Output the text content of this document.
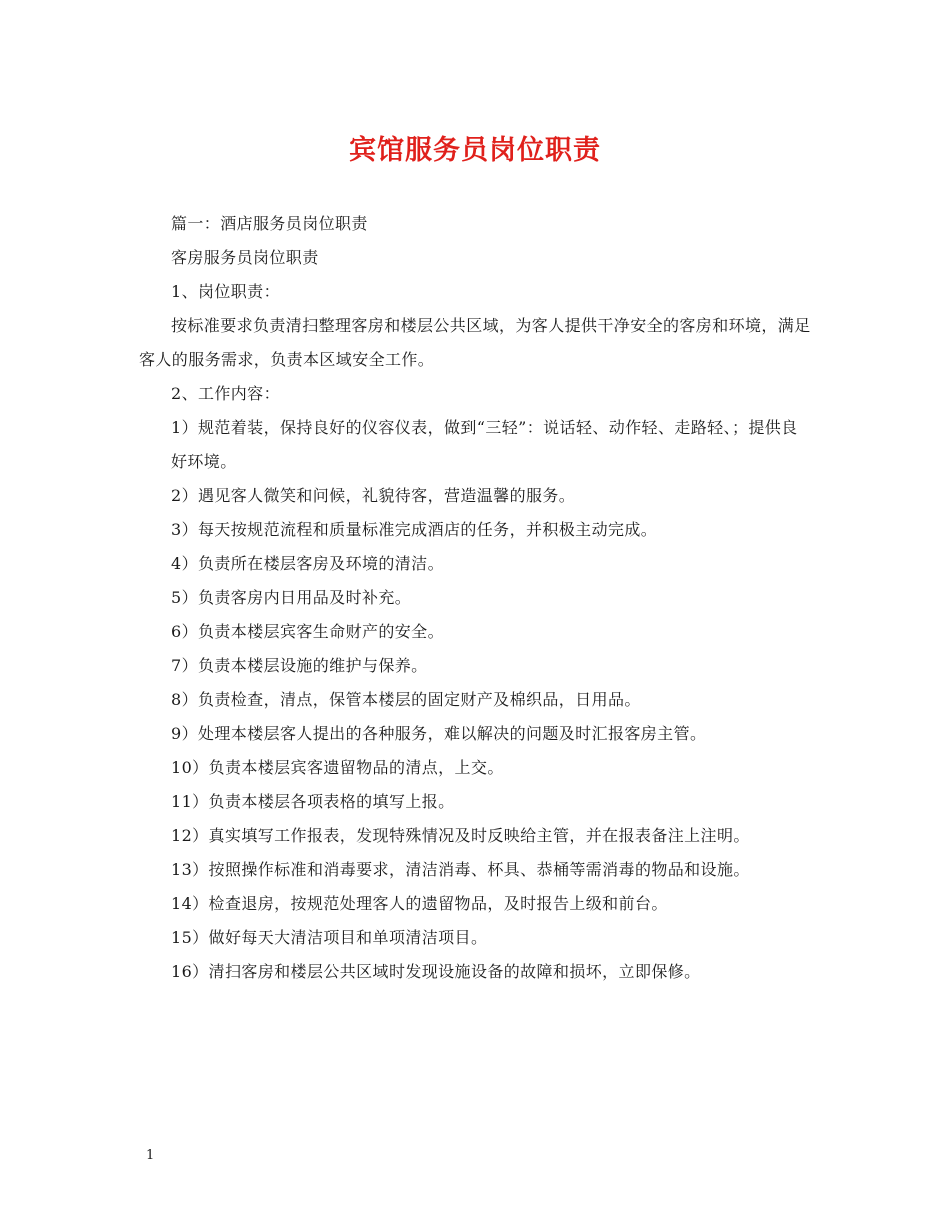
宾馆服务员岗位职责

篇一：酒店服务员岗位职责

客房服务员岗位职责

1、岗位职责：

按标准要求负责清扫整理客房和楼层公共区域，为客人提供干净安全的客房和环境，满足客人的服务需求，负责本区域安全工作。

2、工作内容：

1）规范着装，保持良好的仪容仪表，做到“三轻”：说话轻、动作轻、走路轻、；提供良

好环境。

2）遇见客人微笑和问候，礼貌待客，营造温馨的服务。

3）每天按规范流程和质量标准完成酒店的任务，并积极主动完成。

4）负责所在楼层客房及环境的清洁。

5）负责客房内日用品及时补充。

6）负责本楼层宾客生命财产的安全。

7）负责本楼层设施的维护与保养。

8）负责检查，清点，保管本楼层的固定财产及棉织品，日用品。

9）处理本楼层客人提出的各种服务，难以解决的问题及时汇报客房主管。

10）负责本楼层宾客遗留物品的清点，上交。

11）负责本楼层各项表格的填写上报。

12）真实填写工作报表，发现特殊情况及时反映给主管，并在报表备注上注明。

13）按照操作标准和消毒要求，清洁消毒、杯具、恭桶等需消毒的物品和设施。

14）检查退房，按规范处理客人的遗留物品，及时报告上级和前台。

15）做好每天大清洁项目和单项清洁项目。

16）清扫客房和楼层公共区域时发现设施设备的故障和损坏，立即保修。

1
